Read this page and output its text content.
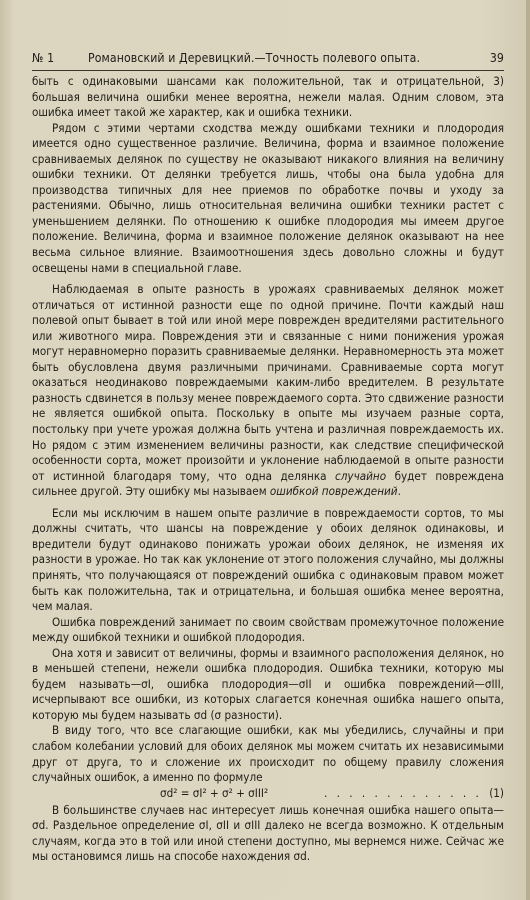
№ 1	Романовский и Деревицкий.—Точность полевого опыта.	39

быть с одинаковыми шансами как положительной, так и отрицательной, 3) большая величина ошибки менее вероятна, нежели малая. Одним словом, эта ошибка имеет такой же характер, как и ошибка техники.

Рядом с этими чертами сходства между ошибками техники и плодородия имеется одно существенное различие. Величина, форма и взаимное положение сравниваемых делянок по существу не оказывают никакого влияния на величину ошибки техники. От делянки требуется лишь, чтобы она была удобна для производства типичных для нее приемов по обработке почвы и уходу за растениями. Обычно, лишь относительная величина ошибки техники растет с уменьшением делянки. По отношению к ошибке плодородия мы имеем другое положение. Величина, форма и взаимное положение делянок оказывают на нее весьма сильное влияние. Взаимоотношения здесь довольно сложны и будут освещены нами в специальной главе.

Наблюдаемая в опыте разность в урожаях сравниваемых делянок может отличаться от истинной разности еще по одной причине. Почти каждый наш полевой опыт бывает в той или иной мере поврежден вредителями растительного или животного мира. Повреждения эти и связанные с ними понижения урожая могут неравномерно поразить сравниваемые делянки. Неравномерность эта может быть обусловлена двумя различными причинами. Сравниваемые сорта могут оказаться неодинаково повреждаемыми каким-либо вредителем. В результате разность сдвинется в пользу менее повреждаемого сорта. Это сдвижение разности не является ошибкой опыта. Поскольку в опыте мы изучаем разные сорта, постольку при учете урожая должна быть учтена и различная повреждаемость их. Но рядом с этим изменением величины разности, как следствие специфической особенности сорта, может произойти и уклонение наблюдаемой в опыте разности от истинной благодаря тому, что одна делянка случайно будет повреждена сильнее другой. Эту ошибку мы называем ошибкой повреждений.

Если мы исключим в нашем опыте различие в повреждаемости сортов, то мы должны считать, что шансы на повреждение у обоих делянок одинаковы, и вредители будут одинаково понижать урожаи обоих делянок, не изменяя их разности в урожае. Но так как уклонение от этого положения случайно, мы должны принять, что получающаяся от повреждений ошибка с одинаковым правом может быть как положительна, так и отрицательна, и большая ошибка менее вероятна, чем малая.

Ошибка повреждений занимает по своим свойствам промежуточное положение между ошибкой техники и ошибкой плодородия.

Она хотя и зависит от величины, формы и взаимного расположения делянок, но в меньшей степени, нежели ошибка плодородия. Ошибка техники, которую мы будем называть—σI, ошибка плодородия—σII и ошибка повреждений—σIII, исчерпывают все ошибки, из которых слагается конечная ошибка нашего опыта, которую мы будем называть σd (σ разности).

В виду того, что все слагающие ошибки, как мы убедились, случайны и при слабом колебании условий для обоих делянок мы можем считать их независимыми друг от друга, то и сложение их происходит по общему правилу сложения случайных ошибок, а именно по формуле

σd² = σI² + σ² + σIII²	. . . . . . . . . . . . . (1)

В большинстве случаев нас интересует лишь конечная ошибка нашего опыта—σd. Раздельное определение σI, σII и σIII далеко не всегда возможно. К отдельным случаям, когда это в той или иной степени доступно, мы вернемся ниже. Сейчас же мы остановимся лишь на способе нахождения σd.
